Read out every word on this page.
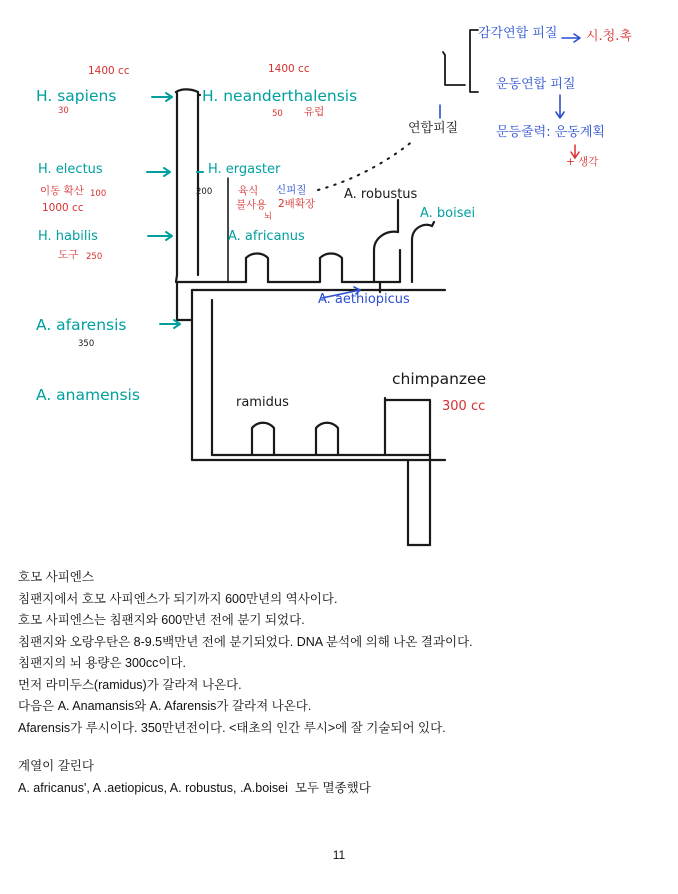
H. sapiens
1400 cc
30
H. neanderthalensis
1400 cc
50 유럽
H. electus
이동 확산 100
1000 cc
H. ergaster
200
H. habilis
도구 250
A. africanus
A. robustus
A. boisei
A. aethiopicus
A. afarensis
350
A. anamensis	ramidus
chimpanzee
300 cc
육식
불사용
신피질
2배확장
뇌
연합피질
감각연합 피질 시.청.촉
운동연합 피질
문등줄력: 운동계획
+ 생각
호모 사피엔스
침팬지에서 호모 사피엔스가 되기까지 600만년의 역사이다.
호모 사피엔스는 침팬지와 600만년 전에 분기 되었다.
침팬지와 오랑우탄은 8-9.5백만년 전에 분기되었다. DNA 분석에 의해 나온 결과이다.
침팬지의 뇌 용량은 300cc이다.
먼저 라미두스(ramidus)가 갈라져 나온다.
다음은 A. Anamansis와 A. Afarensis가 갈라져 나온다.
Afarensis가 루시이다. 350만년전이다. <태초의 인간 루시>에 잘 기술되어 있다.
계열이 갈린다
A. africanus', A .aetiopicus, A. robustus, .A.boisei  모두 멸종했다
11
